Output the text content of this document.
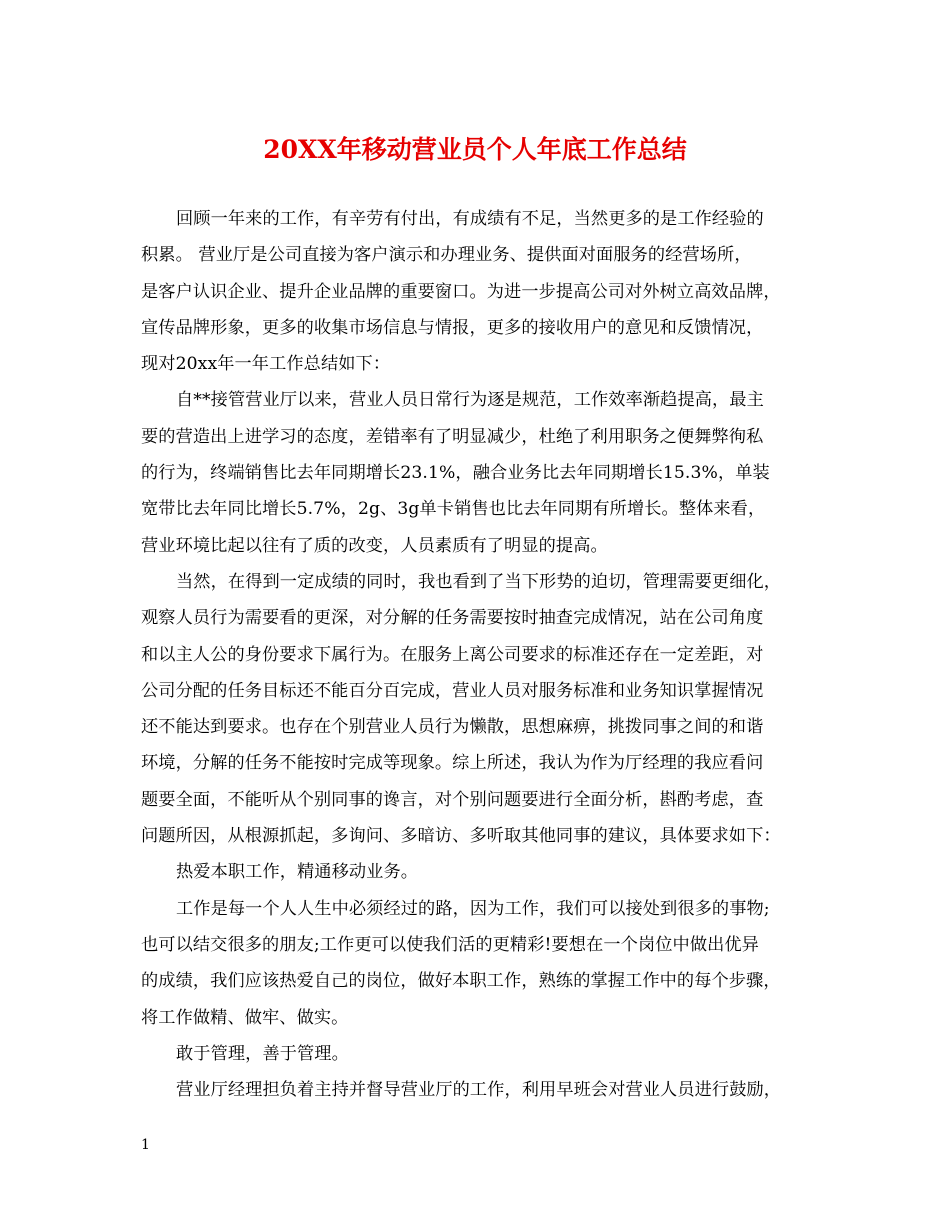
20XX年移动营业员个人年底工作总结
回顾一年来的工作，有辛劳有付出，有成绩有不足，当然更多的是工作经验的
积累。 营业厅是公司直接为客户演示和办理业务、提供面对面服务的经营场所，
是客户认识企业、提升企业品牌的重要窗口。为进一步提高公司对外树立高效品牌，
宣传品牌形象，更多的收集市场信息与情报，更多的接收用户的意见和反馈情况，
现对20xx年一年工作总结如下：
自**接管营业厅以来，营业人员日常行为逐是规范，工作效率渐趋提高，最主
要的营造出上进学习的态度，差错率有了明显减少，杜绝了利用职务之便舞弊徇私
的行为，终端销售比去年同期增长23.1%，融合业务比去年同期增长15.3%，单装
宽带比去年同比增长5.7%，2g、3g单卡销售也比去年同期有所增长。整体来看，
营业环境比起以往有了质的改变，人员素质有了明显的提高。
当然，在得到一定成绩的同时，我也看到了当下形势的迫切，管理需要更细化，
观察人员行为需要看的更深，对分解的任务需要按时抽查完成情况，站在公司角度
和以主人公的身份要求下属行为。在服务上离公司要求的标准还存在一定差距，对
公司分配的任务目标还不能百分百完成，营业人员对服务标准和业务知识掌握情况
还不能达到要求。也存在个别营业人员行为懒散，思想麻痹，挑拨同事之间的和谐
环境，分解的任务不能按时完成等现象。综上所述，我认为作为厅经理的我应看问
题要全面，不能听从个别同事的谗言，对个别问题要进行全面分析，斟酌考虑，查
问题所因，从根源抓起，多询问、多暗访、多听取其他同事的建议，具体要求如下：
热爱本职工作，精通移动业务。
工作是每一个人人生中必须经过的路，因为工作，我们可以接处到很多的事物;
也可以结交很多的朋友;工作更可以使我们活的更精彩!要想在一个岗位中做出优异
的成绩，我们应该热爱自己的岗位，做好本职工作，熟练的掌握工作中的每个步骤，
将工作做精、做牢、做实。
敢于管理，善于管理。
营业厅经理担负着主持并督导营业厅的工作，利用早班会对营业人员进行鼓励，
1
